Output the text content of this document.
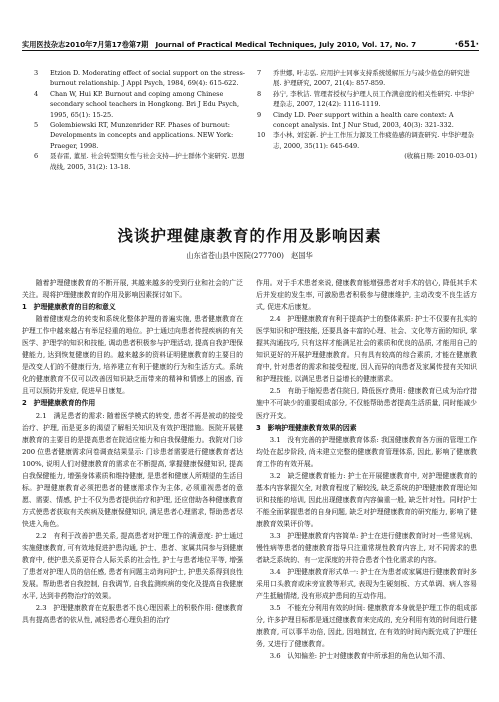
实用医技杂志2010年7月第17卷第7期　Journal of Practical Medical Techniques, July 2010, Vol. 17, No. 7	·651·
3	Etzion D. Moderating effect of social support on the stress-burnout relationship. J Appl Psych, 1984, 69(4): 615-622.
4	Chan W, Hui KP. Burnout and coping among Chinese secondary school teachers in Hongkong. Bri J Edu Psych, 1995, 65(1): 15-25.
5	Golembiewski RT, Munzenrider RF. Phases of burnout: Developments in concepts and applications. NEW York: Praeger, 1998.
6	聂春雷, 董星. 社会转型期女性与社会支持—护士群体个案研究. 思想战线, 2005, 31(2): 13-18.
7	乔世娜, 叶志弘. 应用护士同事支持系统缓解压力与减少倦怠的研究进展. 护理研究, 2007, 21(4): 857-859.
8	孙宁, 李秋洁. 管理者授权与护理人员工作满意度的相关性研究. 中华护理杂志, 2007, 12(42): 1116-1119.
9	Cindy LD. Peer support within a health care context: A concept analysis. Int J Nur Stud, 2003, 40(3): 321-332.
10	李小林, 刘宏新. 护士工作压力源及工作疲倦感的调查研究. 中华护理杂志, 2000, 35(11): 645-649.
(收稿日期: 2010-03-01)
浅谈护理健康教育的作用及影响因素
山东省苍山县中医院(277700)　赵国华

随着护理健康教育的不断开展, 其越来越多的受到行业和社会的广泛关注。现将护理健康教育的作用及影响因素探讨如下。

1　护理健康教育的目的和意义

随着健康观念的转变和系统化整体护理的普遍实施, 患者健康教育在护理工作中越来越占有举足轻重的地位。护士通过向患者传授疾病的有关医学、护理学的知识和技能, 调动患者积极参与护理活动, 提高自我护理保健能力, 达到恢复健康的目的。越来越多的资料证明健康教育的主要目的是改变人们的不健康行为, 培养建立有利于健康的行为和生活方式。系统化的健康教育不仅可以改善因知识缺乏而带来的精神和情感上的困惑, 而且可以预防并发症, 促进早日康复。

2　护理健康教育的作用

2.1　满足患者的需求: 随着医学模式的转变, 患者不再是被动的接受治疗、护理, 而是更多的渴望了解相关知识及有效护理措施。医院开展健康教育的主要目的是提高患者在院适应能力和自我保健能力。我院对门诊 200 位患者健康需求问卷调查结果显示: 门诊患者需要进行健康教育者达 100%, 说明人们对健康教育的需求在不断提高, 掌握健康保健知识, 提高自我保健能力, 增强身体素质和维持健康, 是患者和健康人所期望的生活目标。护理健康教育必须把患者的健康需求作为主体, 必须重视患者的意愿、需要、情感, 护士不仅为患者提供治疗和护理, 还应借助各种健康教育方式使患者获取有关疾病及健康保健知识, 满足患者心理需求, 帮助患者尽快进入角色。

2.2　有利于改善护患关系, 提高患者对护理工作的满意度: 护士通过实施健康教育, 可有效地促进护患沟通, 护士、患者、家属共同参与到健康教育中, 使护患关系更符合人际关系的社会性, 护士与患者地位平等, 增强了患者对护理人员的信任感, 患者有问题主动询问护士, 护患关系得到良性发展。帮助患者自我控制, 自我调节, 自我监测疾病的变化及提高自我健康水平, 达到非药物治疗的效果。

2.3　护理健康教育在克服患者不良心理因素上的积极作用: 健康教育具有提高患者的依从性, 减轻患者心理负担的治疗

作用。对于手术患者来说, 健康教育能增强患者对手术的信心, 降低其手术后并发症的发生率, 可激励患者积极参与健康维护, 主动改变不良生活方式, 促进术后康复。

2.4　护理健康教育有利于提高护士的整体素质: 护士不仅要有扎实的医学知识和护理技能, 还要具备丰富的心理、社会、文化等方面的知识, 掌握其沟通技巧, 只有这样才能满足社会的素质和优良的品质, 才能用自己的知识更好的开展护理健康教育。只有具有较高的综合素质, 才能在健康教育中, 针对患者的需求和接受程度, 因人而异的向患者及家属传授有关知识和护理技能, 以满足患者日益增长的健康需求。

2.5　有助于缩短患者住院日, 降低医疗费用: 健康教育已成为治疗措施中不可缺少的重要组成部分, 不仅能帮助患者提高生活质量, 同时能减少医疗开支。

3　影响护理健康教育效果的因素

3.1　没有完善的护理健康教育体系: 我国健康教育各方面的管理工作均处在起步阶段, 尚未建立完整的健康教育管理体系, 因此, 影响了健康教育工作的有效开展。

3.2　缺乏健康教育能力: 护士在开展健康教育中, 对护理健康教育的基本内容掌握欠全, 对教育程度了解较浅, 缺乏系统的护理健康教育理论知识和技能的培训, 因此出现健康教育内容偏重一般, 缺乏针对性。同时护士不能全面掌握患者的自身问题, 缺乏对护理健康教育的研究能力, 影响了健康教育效果评价等。

3.3　护理健康教育内容简单: 护士在进行健康教育时对一些常见病、慢性病等患者的健康教育指导只注重常规性教育内容上, 对不同需求的患者缺乏系统的、有一定深度的并符合患者个性化需求的内容。

3.4　护理健康教育形式单一: 护士在为患者或家属进行健康教育时多采用口头教育或床旁宣教等形式, 表现为生硬刻板、方式单调、病人容易产生抵触情绪, 没有形成护患间的互动作用。

3.5　不能充分利用有效的时间: 健康教育本身就是护理工作的组成部分, 许多护理目标都是通过健康教育来完成的, 充分利用有效的时间进行健康教育, 可以事半功倍, 因此, 因地制宜, 在有效的时间内既完成了护理任务, 又进行了健康教育。

3.6　认知偏差: 护士对健康教育中所承担的角色认知不清、
